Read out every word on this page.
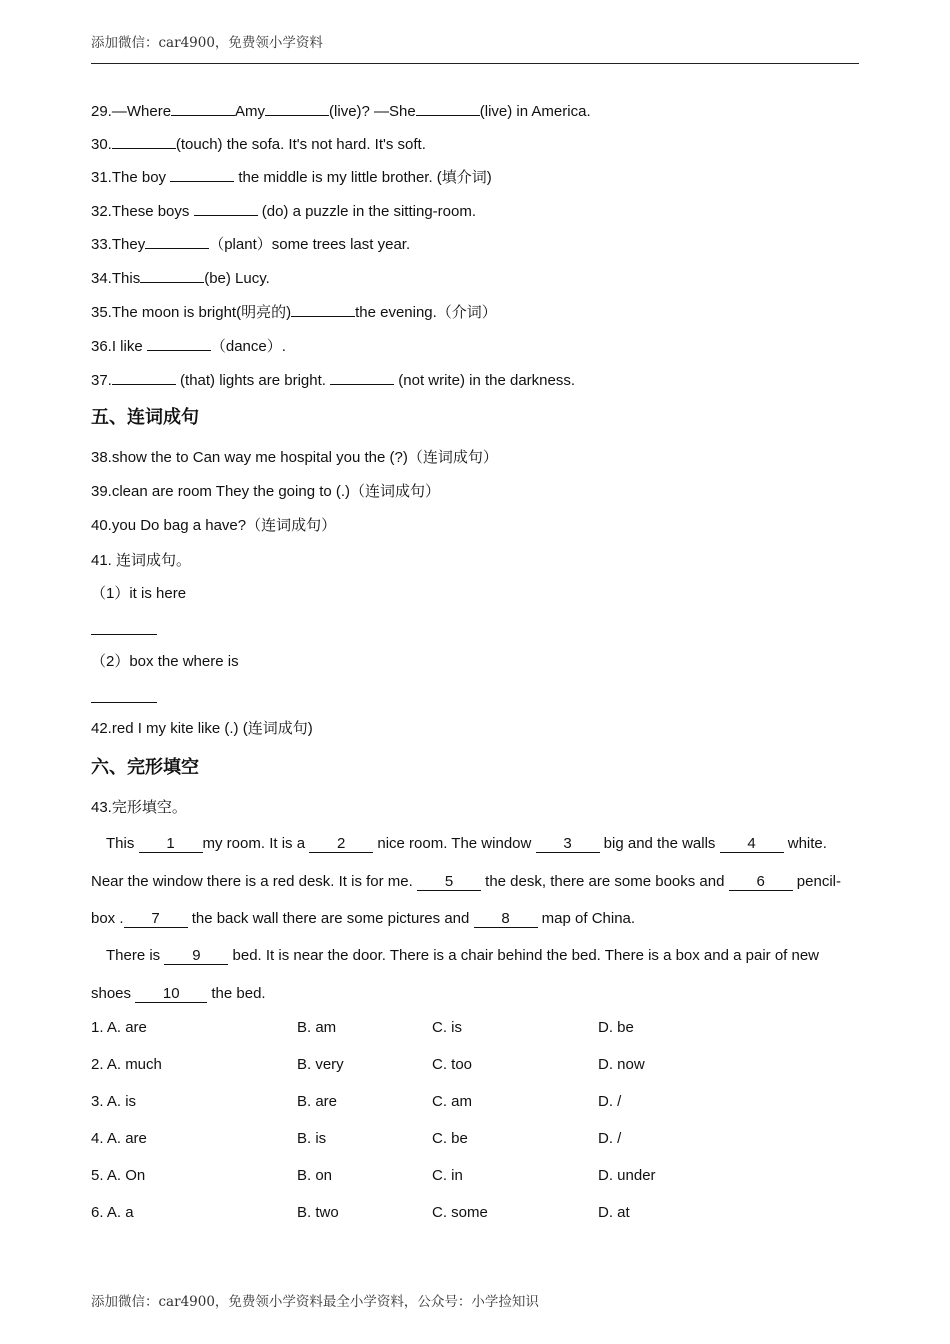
添加微信：car4900，免费领小学资料
29.—Where	Amy	(live)? —She	(live) in America.
30.	(touch) the sofa. It's not hard. It's soft.
31.The boy	the middle is my little brother. (填介词)
32.These boys	(do) a puzzle in the sitting-room.
33.They	（plant）some trees last year.
34.This	(be) Lucy.
35.The moon is bright(明亮的)	the evening.（介词）
36.I like	（dance）.
37.	(that) lights are bright.	(not write) in the darkness.
五、连词成句
38.show the to Can way me hospital you the (?)（连词成句）
39.clean are room They the going to (.)（连词成句）
40.you Do bag a have?（连词成句）
41. 连词成句。
（1）it is here
（2）box the where is
42.red I my kite like (.) (连词成句)
六、完形填空
43.完形填空。
This 1 my room. It is a 2 nice room. The window 3 big and the walls 4 white.
Near the window there is a red desk. It is for me. 5 the desk, there are some books and 6 pencil-
box . 7 the back wall there are some pictures and 8 map of China.
There is 9 bed. It is near the door. There is a chair behind the bed. There is a box and a pair of new
shoes 10 the bed.
1. A. are	B. am	C. is	D. be
2. A. much	B. very	C. too	D. now
3. A. is	B. are	C. am	D. /
4. A. are	B. is	C. be	D. /
5. A. On	B. on	C. in	D. under
6. A. a	B. two	C. some	D. at
添加微信：car4900，免费领小学资料最全小学资料，公众号：小学捡知识
